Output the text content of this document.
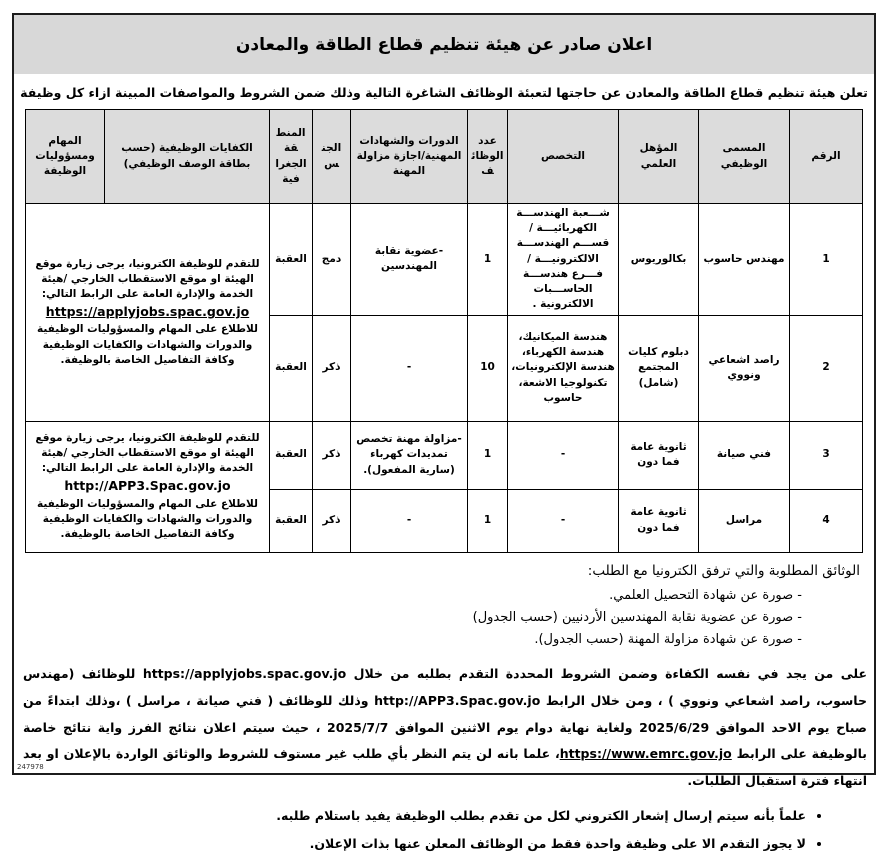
اعلان صادر عن هيئة تنظيم قطاع الطاقة والمعادن
تعلن هيئة تنظيم قطاع الطاقة والمعادن عن حاجتها لتعبئة الوظائف الشاغرة التالية وذلك ضمن الشروط والمواصفات المبينة ازاء كل وظيفة
الرقم	المسمى الوظيفي	المؤهل العلمي	التخصص	عدد الوظائف	الدورات والشهادات المهنية/اجازة مزاولة المهنة	الجنس	المنطقة الجغرافية	الكفايات الوظيفية (حسب بطاقة الوصف الوظيفي)	المهام ومسؤوليات الوظيفة
1	مهندس حاسوب	بكالوريوس	شـــعبة الهندســـة الكهربائيـــة /قســـم الهندســـة الالكترونيـــة / فـــرع هندســـة الحاســـبات الالكترونية .	1	-عضوية نقابة المهندسين	دمج	العقبة	للتقدم للوظيفة الكترونيا، يرجى زيارة موقع الهيئة او موقع الاستقطاب الخارجي /هيئة الخدمة والإدارة العامة على الرابط التالي:
https://applyjobs.spac.gov.jo
للاطلاع على المهام والمسؤوليات الوظيفية والدورات والشهادات والكفايات الوظيفية وكافة التفاصيل الخاصة بالوظيفة.	

2	راصد اشعاعي ونووي	دبلوم كليات المجتمع (شامل)	هندسة الميكانيك، هندسة الكهرباء، هندسة الإلكترونيات، تكنولوجيا الاشعة، حاسوب	10	-	ذكر	العقبة		
3	فني صيانة	ثانوية عامة فما دون	-	1	-مزاولة مهنة تخصص تمديدات كهرباء (سارية المفعول).	ذكر	العقبة	للتقدم للوظيفة الكترونيا، يرجى زيارة موقع الهيئة او موقع الاستقطاب الخارجي /هيئة الخدمة والإدارة العامة على الرابط التالي:
http://APP3.Spac.gov.jo
للاطلاع على المهام والمسؤوليات الوظيفية والدورات والشهادات والكفايات الوظيفية وكافة التفاصيل الخاصة بالوظيفة.	

4	مراسل	ثانوية عامة فما دون	-	1	-	ذكر	العقبة		
الوثائق المطلوبة والتي ترفق الكترونيا مع الطلب:
- صورة عن شهادة التحصيل العلمي.
- صورة عن عضوية نقابة المهندسين الأردنيين (حسب الجدول)
- صورة عن شهادة مزاولة المهنة (حسب الجدول).

على من يجد في نفسه الكفاءة وضمن الشروط المحددة التقدم بطلبه من خلال https://applyjobs.spac.gov.jo للوظائف (مهندس حاسوب، راصد اشعاعي ونووي ) ، ومن خلال الرابط http://APP3.Spac.gov.jo وذلك للوظائف ( فني صيانة ، مراسل ) ،وذلك ابتداءً من صباح يوم الاحد الموافق 2025/6/29 ولغاية نهاية دوام يوم الاثنين الموافق 2025/7/7 ، حيث سيتم اعلان نتائج الفرز واية نتائج خاصة بالوظيفة على الرابط https://www.emrc.gov.jo، علما بانه لن يتم النظر بأي طلب غير مستوف للشروط والوثائق الواردة بالإعلان او بعد انتهاء فترة استقبال الطلبات.

• علماً بأنه سيتم إرسال إشعار الكتروني لكل من تقدم بطلب الوظيفة يفيد باستلام طلبه.
• لا يجوز التقدم الا على وظيفة واحدة فقط من الوظائف المعلن عنها بذات الإعلان.
247978
